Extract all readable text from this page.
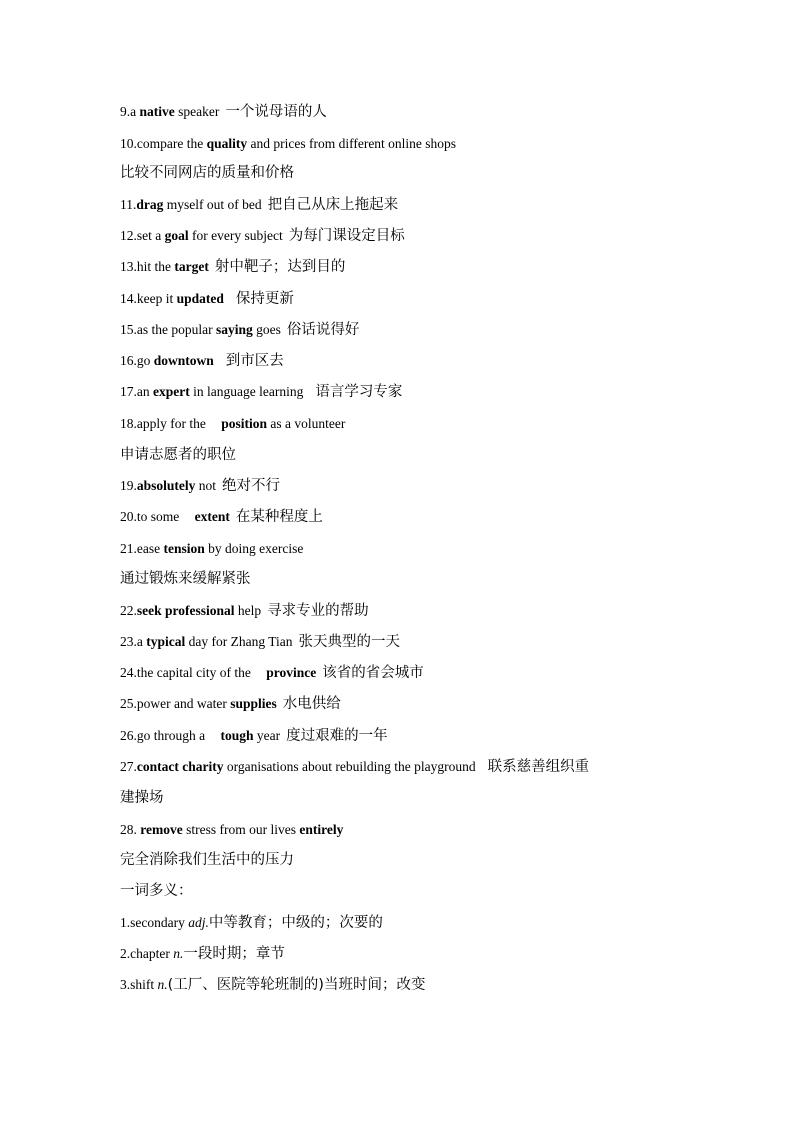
9.a native speaker 一个说母语的人
10.compare the quality and prices from different online shops
比较不同网店的质量和价格
11.drag myself out of bed 把自己从床上拖起来
12.set a goal for every subject 为每门课设定目标
13.hit the target 射中靶子；达到目的
14.keep it updated 保持更新
15.as the popular saying goes 俗话说得好
16.go downtown 到市区去
17.an expert in language learning 语言学习专家
18.apply for the position as a volunteer
申请志愿者的职位
19.absolutely not 绝对不行
20.to some extent 在某种程度上
21.ease tension by doing exercise
通过锻炼来缓解紧张
22.seek professional help 寻求专业的帮助
23.a typical day for Zhang Tian 张天典型的一天
24.the capital city of the province 该省的省会城市
25.power and water supplies 水电供给
26.go through a tough year 度过艰难的一年
27.contact charity organisations about rebuilding the playground 联系慈善组织重
建操场
28. remove stress from our lives entirely
完全消除我们生活中的压力
一词多义：
1.secondary adj.中等教育；中级的；次要的
2.chapter n.一段时期；章节
3.shift n.(工厂、医院等轮班制的)当班时间；改变
